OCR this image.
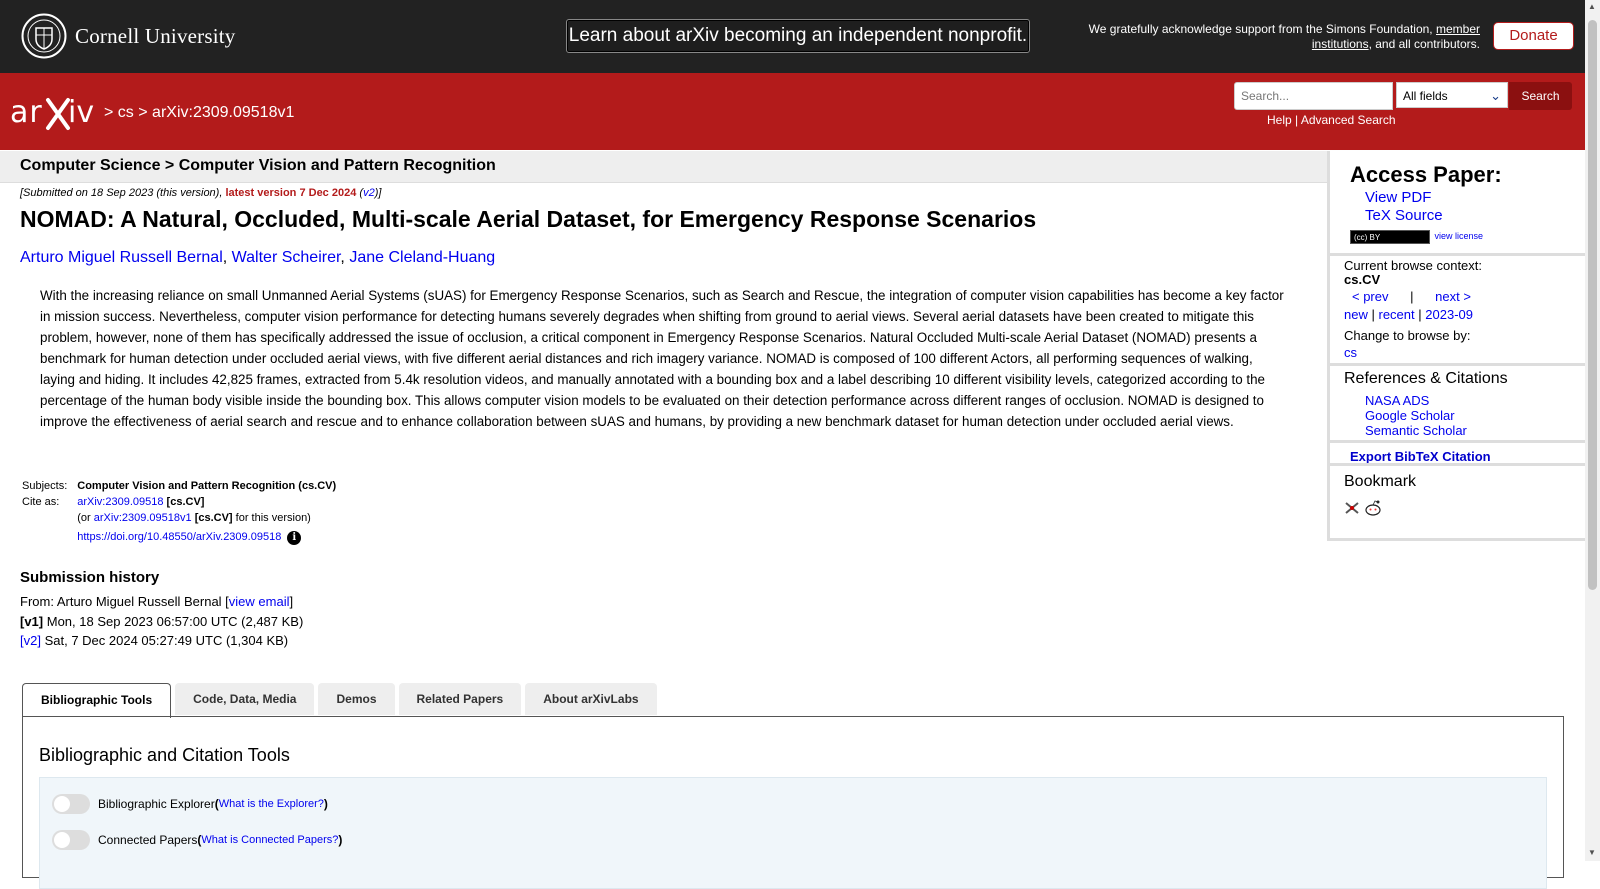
Cornell University	Learn about arXiv becoming an independent nonprofit.	We gratefully acknowledge support from the Simons Foundation, member institutions, and all contributors.	Donate
ar iv > cs > arXiv:2309.09518v1
Search...	All fields	⌄	Search
Help | Advanced Search
Computer Science > Computer Vision and Pattern Recognition
[Submitted on 18 Sep 2023 (this version), latest version 7 Dec 2024 (v2)]
NOMAD: A Natural, Occluded, Multi-scale Aerial Dataset, for Emergency Response Scenarios
Arturo Miguel Russell Bernal, Walter Scheirer, Jane Cleland-Huang
With the increasing reliance on small Unmanned Aerial Systems (sUAS) for Emergency Response Scenarios, such as Search and Rescue, the integration of computer vision capabilities has become a key factor in mission success. Nevertheless, computer vision performance for detecting humans severely degrades when shifting from ground to aerial views. Several aerial datasets have been created to mitigate this problem, however, none of them has specifically addressed the issue of occlusion, a critical component in Emergency Response Scenarios. Natural Occluded Multi-scale Aerial Dataset (NOMAD) presents a benchmark for human detection under occluded aerial views, with five different aerial distances and rich imagery variance. NOMAD is composed of 100 different Actors, all performing sequences of walking, laying and hiding. It includes 42,825 frames, extracted from 5.4k resolution videos, and manually annotated with a bounding box and a label describing 10 different visibility levels, categorized according to the percentage of the human body visible inside the bounding box. This allows computer vision models to be evaluated on their detection performance across different ranges of occlusion. NOMAD is designed to improve the effectiveness of aerial search and rescue and to enhance collaboration between sUAS and humans, by providing a new benchmark dataset for human detection under occluded aerial views.
Subjects:	Computer Vision and Pattern Recognition (cs.CV)
Cite as:	arXiv:2309.09518 [cs.CV]
	(or arXiv:2309.09518v1 [cs.CV] for this version)
	https://doi.org/10.48550/arXiv.2309.09518 i
Submission history
From: Arturo Miguel Russell Bernal [view email]
[v1] Mon, 18 Sep 2023 06:57:00 UTC (2,487 KB)
[v2] Sat, 7 Dec 2024 05:27:49 UTC (1,304 KB)
Bibliographic Tools	Code, Data, Media	Demos	Related Papers	About arXivLabs
Bibliographic and Citation Tools
Bibliographic Explorer ( What is the Explorer? )
Connected Papers ( What is Connected Papers? )
Access Paper:
View PDF
TeX Source
(cc) BY	view license
Current browse context:
cs.CV
< prev | next >
new | recent | 2023-09
Change to browse by:
cs
References & Citations
NASA ADS
Google Scholar
Semantic Scholar
Export BibTeX Citation
Bookmark
▲
▼
